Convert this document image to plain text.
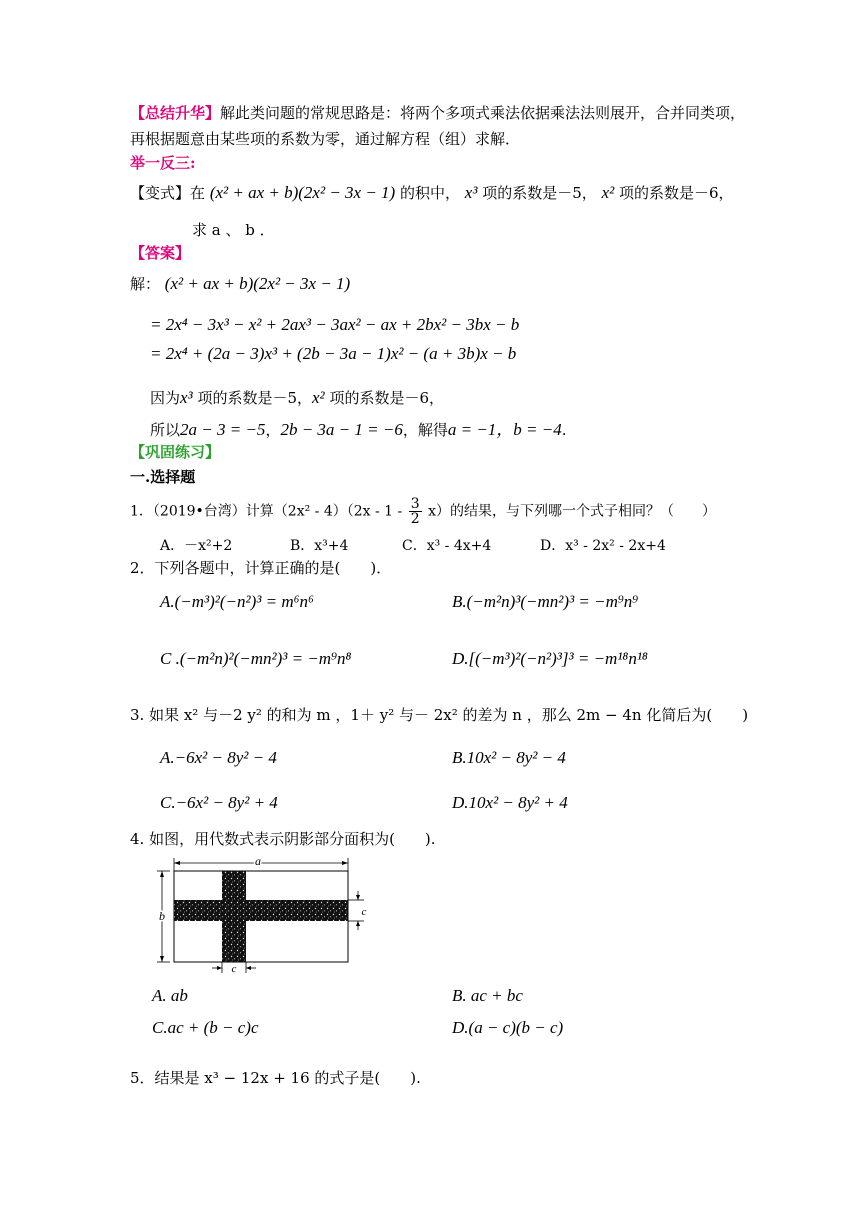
【总结升华】解此类问题的常规思路是：将两个多项式乘法依据乘法法则展开，合并同类项，
再根据题意由某些项的系数为零，通过解方程（组）求解．
举一反三:
【变式】在 (x² + ax + b)(2x² − 3x − 1) 的积中， x³ 项的系数是－5， x² 项的系数是－6，
求 a 、 b ．
【答案】
解： (x² + ax + b)(2x² − 3x − 1)
= 2x⁴ − 3x³ − x² + 2ax³ − 3ax² − ax + 2bx² − 3bx − b
= 2x⁴ + (2a − 3)x³ + (2b − 3a − 1)x² − (a + 3b)x − b
因为x³ 项的系数是－5，x² 项的系数是－6，
所以2a − 3 = −5，2b − 3a − 1 = −6，解得a = −1，b = −4.
【巩固练习】
一.选择题
1．（2019•台湾）计算$(2x^2 - 4)(2x - 1 - \frac{3}{2} x)$的结果，与下列哪一个式子相同？（　　）
A．－x²+2	B．x³+4	C．x³ - 4x+4	D．x³ - 2x² - 2x+4
2．下列各题中，计算正确的是(　　)．
A.(−m³)²(−n²)³ = m⁶n⁶	B.(−m²n)³(−mn²)³ = −m⁹n⁹
C .(−m²n)²(−mn²)³ = −m⁹n⁸	D.[(−m³)²(−n²)³]³ = −m¹⁸n¹⁸
3. 如果 x² 与－2 y² 的和为 m ，1＋ y² 与－ 2x² 的差为 n ，那么 2m − 4n 化简后为(　　)
A.−6x² − 8y² − 4	B.10x² − 8y² − 4
C.−6x² − 8y² + 4	D.10x² − 8y² + 4
4. 如图，用代数式表示阴影部分面积为(　　).
a
b	c
c
A. ab	B. ac + bc
C.ac + (b − c)c	D.(a − c)(b − c)
5．结果是 x³ − 12x + 16 的式子是(　　).
